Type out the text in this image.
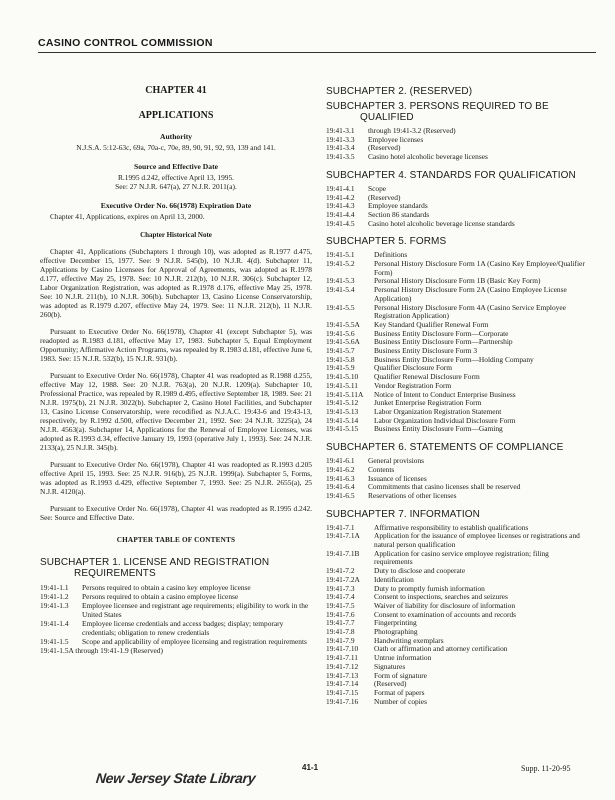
CASINO CONTROL COMMISSION
CHAPTER 41
APPLICATIONS
Authority

N.J.S.A. 5:12-63c, 69a, 70a-c, 70e, 89, 90, 91, 92, 93, 139 and 141.

Source and Effective Date

R.1995 d.242, effective April 13, 1995.

See: 27 N.J.R. 647(a), 27 N.J.R. 2011(a).

Executive Order No. 66(1978) Expiration Date

Chapter 41, Applications, expires on April 13, 2000.

Chapter Historical Note

Chapter 41, Applications (Subchapters 1 through 10), was adopted as R.1977 d.475, effective December 15, 1977. See: 9 N.J.R. 545(b), 10 N.J.R. 4(d). Subchapter 11, Applications by Casino Licensees for Approval of Agreements, was adopted as R.1978 d.177, effective May 25, 1978. See: 10 N.J.R. 212(b), 10 N.J.R. 306(c). Subchapter 12, Labor Organization Registration, was adopted as R.1978 d.176, effective May 25, 1978. See: 10 N.J.R. 211(b), 10 N.J.R. 306(b). Subchapter 13, Casino License Conservatorship, was adopted as R.1979 d.207, effective May 24, 1979. See: 11 N.J.R. 212(b), 11 N.J.R. 260(b).

Pursuant to Executive Order No. 66(1978), Chapter 41 (except Subchapter 5), was readopted as R.1983 d.181, effective May 17, 1983. Subchapter 5, Equal Employment Opportunity; Affirmative Action Programs, was repealed by R.1983 d.181, effective June 6, 1983. See: 15 N.J.R. 532(b), 15 N.J.R. 931(b).

Pursuant to Executive Order No. 66(1978), Chapter 41 was readopted as R.1988 d.255, effective May 12, 1988. See: 20 N.J.R. 763(a), 20 N.J.R. 1209(a). Subchapter 10, Professional Practice, was repealed by R.1989 d.495, effective September 18, 1989. See: 21 N.J.R. 1975(b), 21 N.J.R. 3022(b). Subchapter 2, Casino Hotel Facilities, and Subchapter 13, Casino License Conservatorship, were recodified as N.J.A.C. 19:43-6 and 19:43-13, respectively, by R.1992 d.500, effective December 21, 1992. See: 24 N.J.R. 3225(a), 24 N.J.R. 4563(a). Subchapter 14, Applications for the Renewal of Employee Licenses, was adopted as R.1993 d.34, effective January 19, 1993 (operative July 1, 1993). See: 24 N.J.R. 2133(a), 25 N.J.R. 345(b).

Pursuant to Executive Order No. 66(1978), Chapter 41 was readopted as R.1993 d.205 effective April 15, 1993. See: 25 N.J.R. 916(b), 25 N.J.R. 1999(a). Subchapter 5, Forms, was adopted as R.1993 d.429, effective September 7, 1993. See: 25 N.J.R. 2655(a), 25 N.J.R. 4120(a).

Pursuant to Executive Order No. 66(1978), Chapter 41 was readopted as R.1995 d.242. See: Source and Effective Date.

CHAPTER TABLE OF CONTENTS
SUBCHAPTER 1. LICENSE AND REGISTRATION
REQUIREMENTS
19:41-1.1	Persons required to obtain a casino key employee license
19:41-1.2	Persons required to obtain a casino employee license
19:41-1.3	Employee licensee and registrant age requirements; eligibility to work in the United States
19:41-1.4	Employee license credentials and access badges; display; temporary credentials; obligation to renew credentials
19:41-1.5	Scope and applicability of employee licensing and registration requirements
19:41-1.5A through 19:41-1.9 (Reserved)
SUBCHAPTER 2. (RESERVED)
SUBCHAPTER 3. PERSONS REQUIRED TO BE
QUALIFIED
19:41-3.1	through 19:41-3.2 (Reserved)
19:41-3.3	Employee licenses
19:41-3.4	(Reserved)
19:41-3.5	Casino hotel alcoholic beverage licenses
SUBCHAPTER 4. STANDARDS FOR QUALIFICATION
19:41-4.1	Scope
19:41-4.2	(Reserved)
19:41-4.3	Employee standards
19:41-4.4	Section 86 standards
19:41-4.5	Casino hotel alcoholic beverage license standards
SUBCHAPTER 5. FORMS
19:41-5.1	Definitions
19:41-5.2	Personal History Disclosure Form 1A (Casino Key Employee/Qualifier Form)
19:41-5.3	Personal History Disclosure Form 1B (Basic Key Form)
19:41-5.4	Personal History Disclosure Form 2A (Casino Employee License Application)
19:41-5.5	Personal History Disclosure Form 4A (Casino Service Employee Registration Application)
19:41-5.5A	Key Standard Qualifier Renewal Form
19:41-5.6	Business Entity Disclosure Form—Corporate
19:41-5.6A	Business Entity Disclosure Form—Partnership
19:41-5.7	Business Entity Disclosure Form 3
19:41-5.8	Business Entity Disclosure Form—Holding Company
19:41-5.9	Qualifier Disclosure Form
19:41-5.10	Qualifier Renewal Disclosure Form
19:41-5.11	Vendor Registration Form
19:41-5.11A	Notice of Intent to Conduct Enterprise Business
19:41-5.12	Junket Enterprise Registration Form
19:41-5.13	Labor Organization Registration Statement
19:41-5.14	Labor Organization Individual Disclosure Form
19:41-5.15	Business Entity Disclosure Form—Gaming
SUBCHAPTER 6. STATEMENTS OF COMPLIANCE
19:41-6.1	General provisions
19:41-6.2	Contents
19:41-6.3	Issuance of licenses
19:41-6.4	Commitments that casino licenses shall be reserved
19:41-6.5	Reservations of other licenses
SUBCHAPTER 7. INFORMATION
19:41-7.1	Affirmative responsibility to establish qualifications
19:41-7.1A	Application for the issuance of employee licenses or registrations and natural person qualification
19:41-7.1B	Application for casino service employee registration; filing requirements
19:41-7.2	Duty to disclose and cooperate
19:41-7.2A	Identification
19:41-7.3	Duty to promptly furnish information
19:41-7.4	Consent to inspections, searches and seizures
19:41-7.5	Waiver of liability for disclosure of information
19:41-7.6	Consent to examination of accounts and records
19:41-7.7	Fingerprinting
19:41-7.8	Photographing
19:41-7.9	Handwriting exemplars
19:41-7.10	Oath or affirmation and attorney certification
19:41-7.11	Untrue information
19:41-7.12	Signatures
19:41-7.13	Form of signature
19:41-7.14	(Reserved)
19:41-7.15	Format of papers
19:41-7.16	Number of copies
41-1	Supp. 11-20-95
New Jersey State Library
